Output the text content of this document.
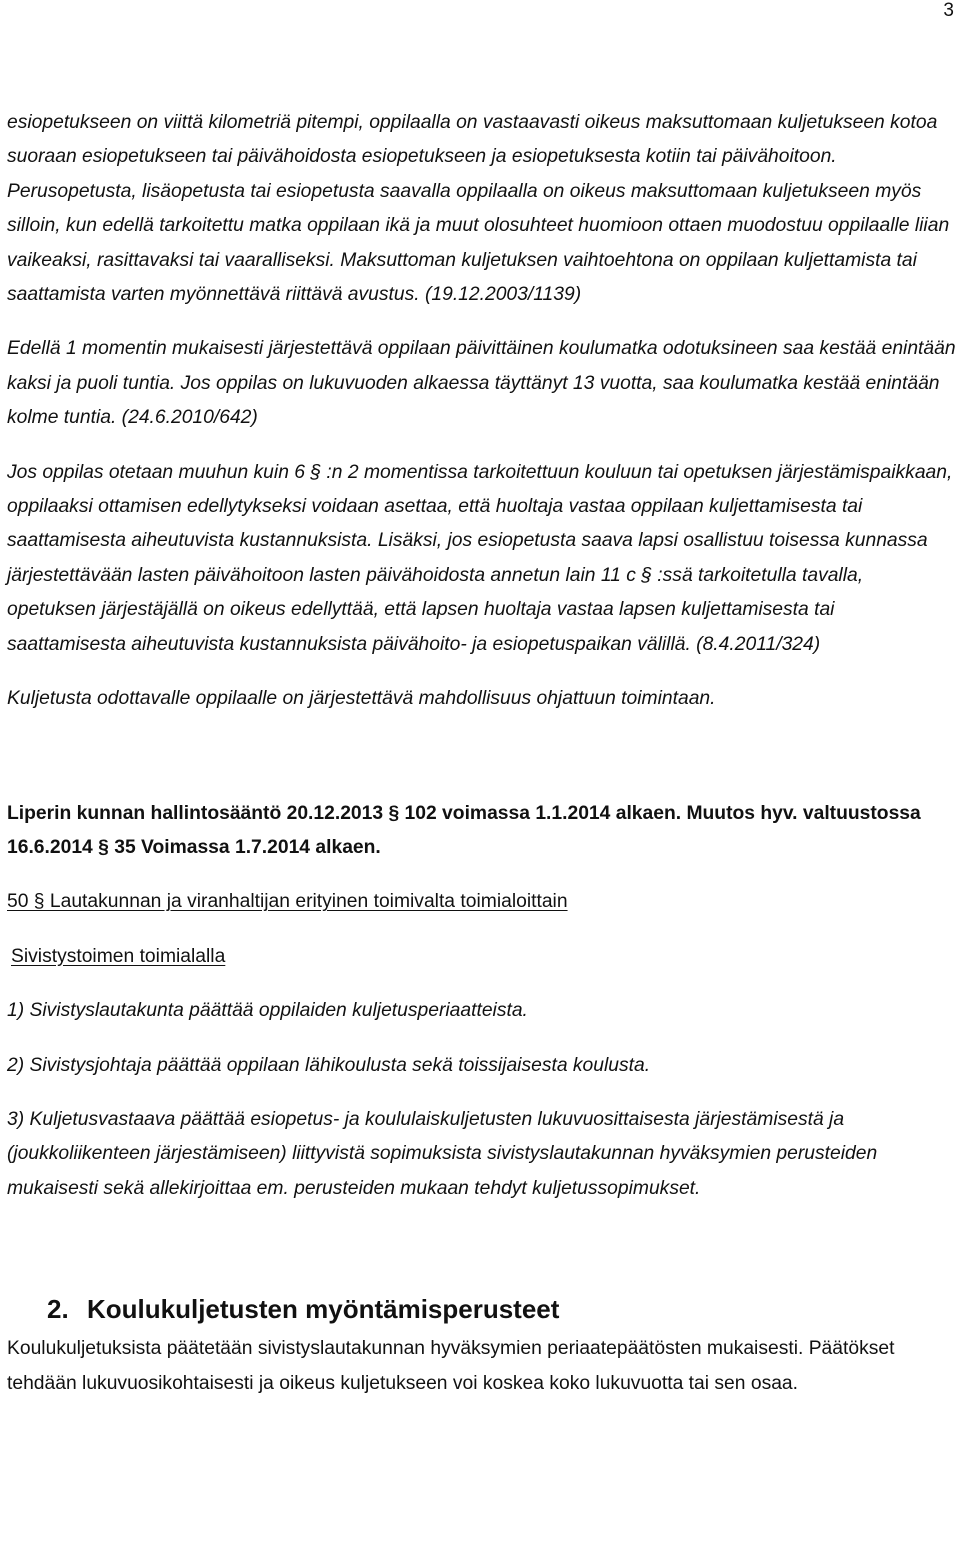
3

esiopetukseen on viittä kilometriä pitempi, oppilaalla on vastaavasti oikeus maksuttomaan kuljetukseen kotoa suoraan esiopetukseen tai päivähoidosta esiopetukseen ja esiopetuksesta kotiin tai päivähoitoon. Perusopetusta, lisäopetusta tai esiopetusta saavalla oppilaalla on oikeus maksuttomaan kuljetukseen myös silloin, kun edellä tarkoitettu matka oppilaan ikä ja muut olosuhteet huomioon ottaen muodostuu oppilaalle liian vaikeaksi, rasittavaksi tai vaaralliseksi. Maksuttoman kuljetuksen vaihtoehtona on oppilaan kuljettamista tai saattamista varten myönnettävä riittävä avustus. (19.12.2003/1139)

Edellä 1 momentin mukaisesti järjestettävä oppilaan päivittäinen koulumatka odotuksineen saa kestää enintään kaksi ja puoli tuntia. Jos oppilas on lukuvuoden alkaessa täyttänyt 13 vuotta, saa koulumatka kestää enintään kolme tuntia. (24.6.2010/642)

Jos oppilas otetaan muuhun kuin 6 § :n 2 momentissa tarkoitettuun kouluun tai opetuksen järjestämispaikkaan, oppilaaksi ottamisen edellytykseksi voidaan asettaa, että huoltaja vastaa oppilaan kuljettamisesta tai saattamisesta aiheutuvista kustannuksista. Lisäksi, jos esiopetusta saava lapsi osallistuu toisessa kunnassa järjestettävään lasten päivähoitoon lasten päivähoidosta annetun lain 11 c § :ssä tarkoitetulla tavalla, opetuksen järjestäjällä on oikeus edellyttää, että lapsen huoltaja vastaa lapsen kuljettamisesta tai saattamisesta aiheutuvista kustannuksista päivähoito- ja esiopetuspaikan välillä. (8.4.2011/324)

Kuljetusta odottavalle oppilaalle on järjestettävä mahdollisuus ohjattuun toimintaan.

Liperin kunnan hallintosääntö 20.12.2013 § 102 voimassa 1.1.2014 alkaen. Muutos hyv. valtuustossa 16.6.2014 § 35 Voimassa 1.7.2014 alkaen.

50 § Lautakunnan ja viranhaltijan erityinen toimivalta toimialoittain

Sivistystoimen toimialalla

1) Sivistyslautakunta päättää oppilaiden kuljetusperiaatteista.

2) Sivistysjohtaja päättää oppilaan lähikoulusta sekä toissijaisesta koulusta.

3) Kuljetusvastaava päättää esiopetus- ja koululaiskuljetusten lukuvuosittaisesta järjestämisestä ja (joukkoliikenteen järjestämiseen) liittyvistä sopimuksista sivistyslautakunnan hyväksymien perusteiden mukaisesti sekä allekirjoittaa em. perusteiden mukaan tehdyt kuljetussopimukset.

2. Koulukuljetusten myöntämisperusteet

Koulukuljetuksista päätetään sivistyslautakunnan hyväksymien periaatepäätösten mukaisesti. Päätökset tehdään lukuvuosikohtaisesti ja oikeus kuljetukseen voi koskea koko lukuvuotta tai sen osaa.
